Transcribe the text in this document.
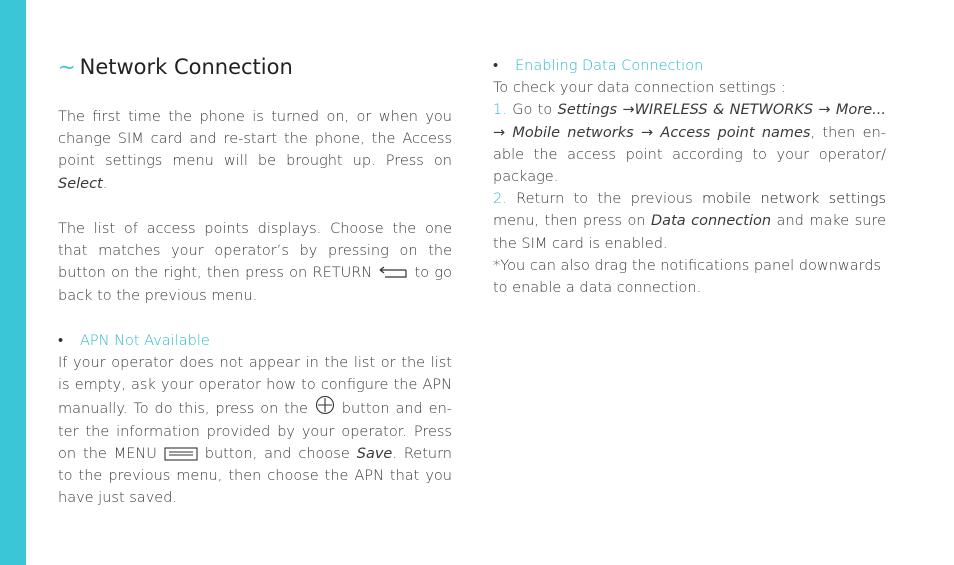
~ Network Connection

The first time the phone is turned on, or when you change SIM card and re-start the phone, the Access point settings menu will be brought up. Press on Select.

The list of access points displays. Choose the one that matches your operator’s by pressing on the button on the right, then press on RETURN  to go back to the previous menu.

• APN Not Available

If your operator does not appear in the list or the list is empty, ask your operator how to configure the APN manually. To do this, press on the  button and en-ter the information provided by your operator. Press on the MENU  button, and choose Save. Return to the previous menu, then choose the APN that you have just saved.

• Enabling Data Connection

To check your data connection settings :

1. Go to Settings →WIRELESS & NETWORKS → More... → Mobile networks → Access point names, then en-able the access point according to your operator/ package.

2. Return to the previous mobile network settings menu, then press on Data connection and make sure the SIM card is enabled.

*You can also drag the notifications panel downwards to enable a data connection.
